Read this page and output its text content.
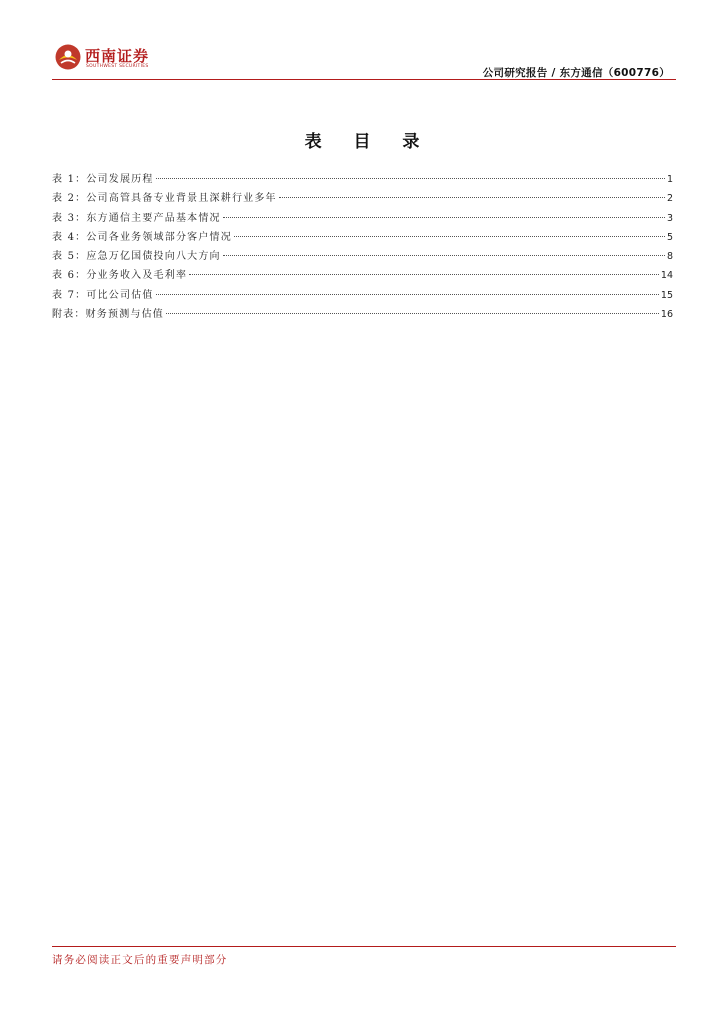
西南证券
SOUTHWEST SECURITIES
公司研究报告 / 东方通信（600776）
表 目 录
表 1：公司发展历程	1
表 2：公司高管具备专业背景且深耕行业多年	2
表 3：东方通信主要产品基本情况	3
表 4：公司各业务领域部分客户情况	5
表 5：应急万亿国债投向八大方向	8
表 6：分业务收入及毛利率	14
表 7：可比公司估值	15
附表：财务预测与估值	16
请务必阅读正文后的重要声明部分
